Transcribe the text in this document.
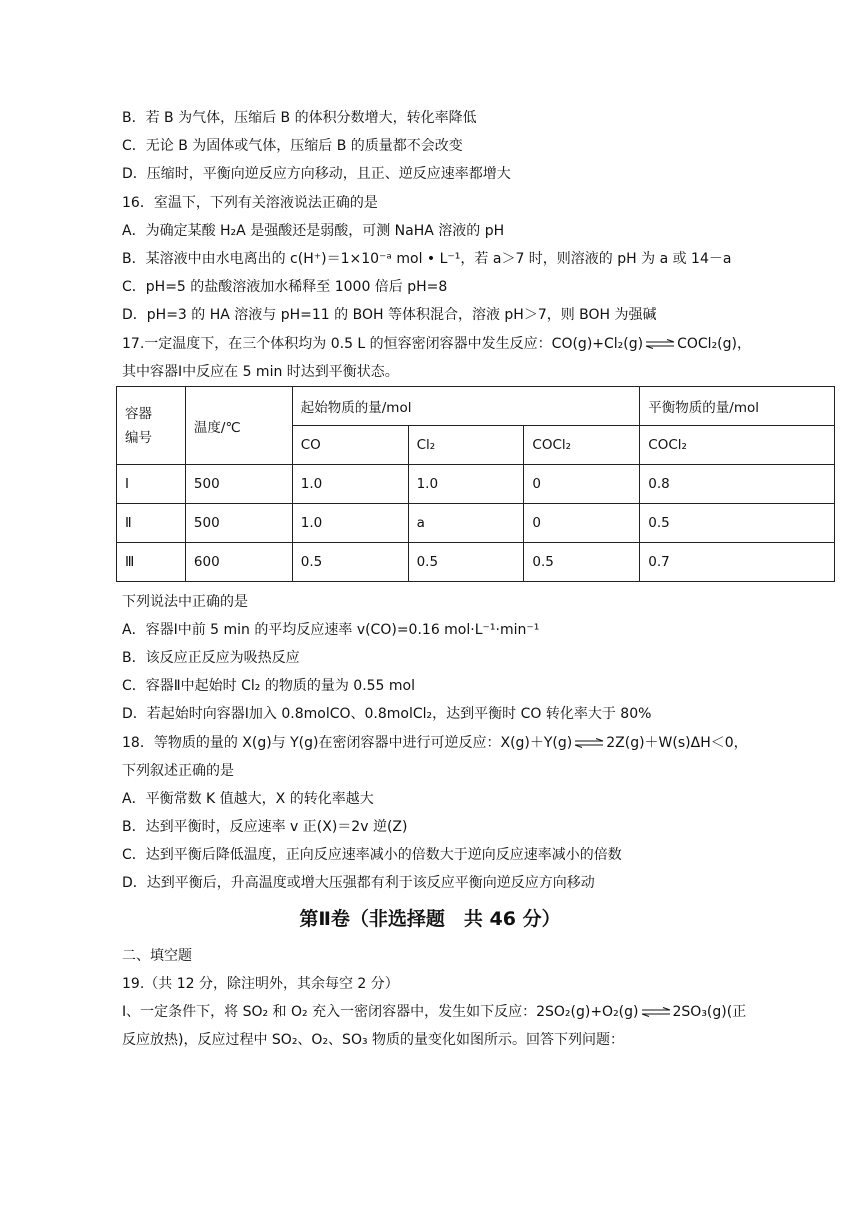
B．若 B 为气体，压缩后 B 的体积分数增大，转化率降低
C．无论 B 为固体或气体，压缩后 B 的质量都不会改变
D．压缩时，平衡向逆反应方向移动，且正、逆反应速率都增大
16．室温下，下列有关溶液说法正确的是
A．为确定某酸 H₂A 是强酸还是弱酸，可测 NaHA 溶液的 pH
B．某溶液中由水电离出的 c(H⁺)＝1×10⁻ᵃ mol • L⁻¹，若 a＞7 时，则溶液的 pH 为 a 或 14－a
C．pH=5 的盐酸溶液加水稀释至 1000 倍后 pH=8
D．pH=3 的 HA 溶液与 pH=11 的 BOH 等体积混合，溶液 pH＞7，则 BOH 为强碱
17.一定温度下，在三个体积均为 0.5 L 的恒容密闭容器中发生反应：CO(g)+Cl₂(g) ⇌ COCl₂(g)，
其中容器Ⅰ中反应在 5 min 时达到平衡状态。
容器
编号	温度/℃	起始物质的量/mol			平衡物质的量/mol
		CO	Cl₂	COCl₂	COCl₂
Ⅰ	500	1.0	1.0	0	0.8
Ⅱ	500	1.0	a	0	0.5
Ⅲ	600	0.5	0.5	0.5	0.7
下列说法中正确的是
A．容器Ⅰ中前 5 min 的平均反应速率 v(CO)=0.16 mol·L⁻¹·min⁻¹
B．该反应正反应为吸热反应
C．容器Ⅱ中起始时 Cl₂ 的物质的量为 0.55 mol
D．若起始时向容器Ⅰ加入 0.8molCO、0.8molCl₂，达到平衡时 CO 转化率大于 80%
18．等物质的量的 X(g)与 Y(g)在密闭容器中进行可逆反应：X(g)＋Y(g) ⇌ 2Z(g)＋W(s)ΔH＜0，
下列叙述正确的是
A．平衡常数 K 值越大，X 的转化率越大
B．达到平衡时，反应速率 v 正(X)＝2v 逆(Z)
C．达到平衡后降低温度，正向反应速率减小的倍数大于逆向反应速率减小的倍数
D．达到平衡后，升高温度或增大压强都有利于该反应平衡向逆反应方向移动
第Ⅱ卷（非选择题　共 46 分）
二、填空题
19.（共 12 分，除注明外，其余每空 2 分）
I、一定条件下，将 SO₂ 和 O₂ 充入一密闭容器中，发生如下反应：2SO₂(g)+O₂(g) ⇌ 2SO₃(g)(正
反应放热)，反应过程中 SO₂、O₂、SO₃ 物质的量变化如图所示。回答下列问题：
